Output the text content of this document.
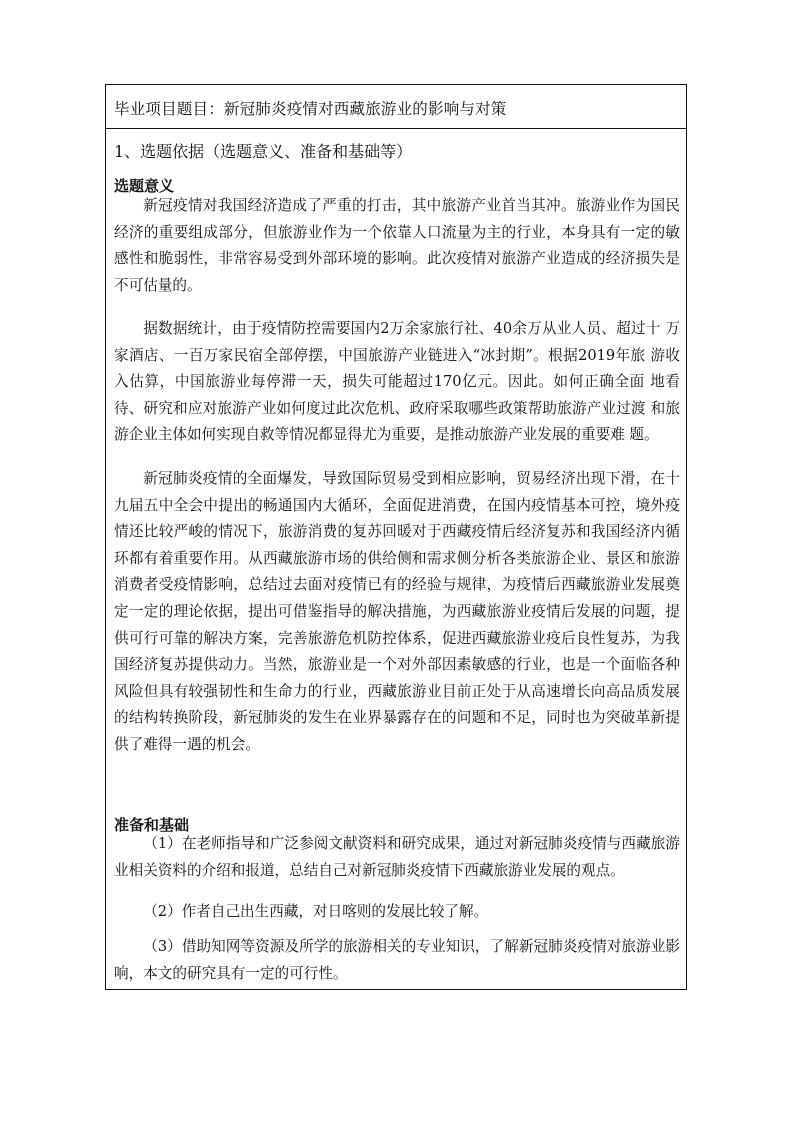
毕业项目题目：新冠肺炎疫情对西藏旅游业的影响与对策
1、选题依据（选题意义、准备和基础等）
选题意义

新冠疫情对我国经济造成了严重的打击，其中旅游产业首当其冲。旅游业作为国民经济的重要组成部分，但旅游业作为一个依靠人口流量为主的行业，本身具有一定的敏感性和脆弱性，非常容易受到外部环境的影响。此次疫情对旅游产业造成的经济损失是不可估量的。

据数据统计，由于疫情防控需要国内2万余家旅行社、40余万从业人员、超过十 万家酒店、一百万家民宿全部停摆，中国旅游产业链进入“冰封期”。根据2019年旅 游收入估算，中国旅游业每停滞一天，损失可能超过170亿元。因此。如何正确全面 地看待、研究和应对旅游产业如何度过此次危机、政府采取哪些政策帮助旅游产业过渡 和旅游企业主体如何实现自救等情况都显得尤为重要，是推动旅游产业发展的重要难 题。

新冠肺炎疫情的全面爆发，导致国际贸易受到相应影响，贸易经济出现下滑，在十九届五中全会中提出的畅通国内大循环，全面促进消费，在国内疫情基本可控，境外疫情还比较严峻的情况下，旅游消费的复苏回暖对于西藏疫情后经济复苏和我国经济内循环都有着重要作用。从西藏旅游市场的供给侧和需求侧分析各类旅游企业、景区和旅游消费者受疫情影响，总结过去面对疫情已有的经验与规律，为疫情后西藏旅游业发展奠定一定的理论依据，提出可借鉴指导的解决措施，为西藏旅游业疫情后发展的问题，提供可行可靠的解决方案，完善旅游危机防控体系，促进西藏旅游业疫后良性复苏，为我国经济复苏提供动力。当然，旅游业是一个对外部因素敏感的行业，也是一个面临各种风险但具有较强韧性和生命力的行业，西藏旅游业目前正处于从高速增长向高品质发展的结构转换阶段，新冠肺炎的发生在业界暴露存在的问题和不足，同时也为突破革新提供了难得一遇的机会。

准备和基础

（1）在老师指导和广泛参阅文献资料和研究成果，通过对新冠肺炎疫情与西藏旅游业相关资料的介绍和报道，总结自己对新冠肺炎疫情下西藏旅游业发展的观点。

（2）作者自己出生西藏，对日喀则的发展比较了解。

（3）借助知网等资源及所学的旅游相关的专业知识，了解新冠肺炎疫情对旅游业影响，本文的研究具有一定的可行性。
